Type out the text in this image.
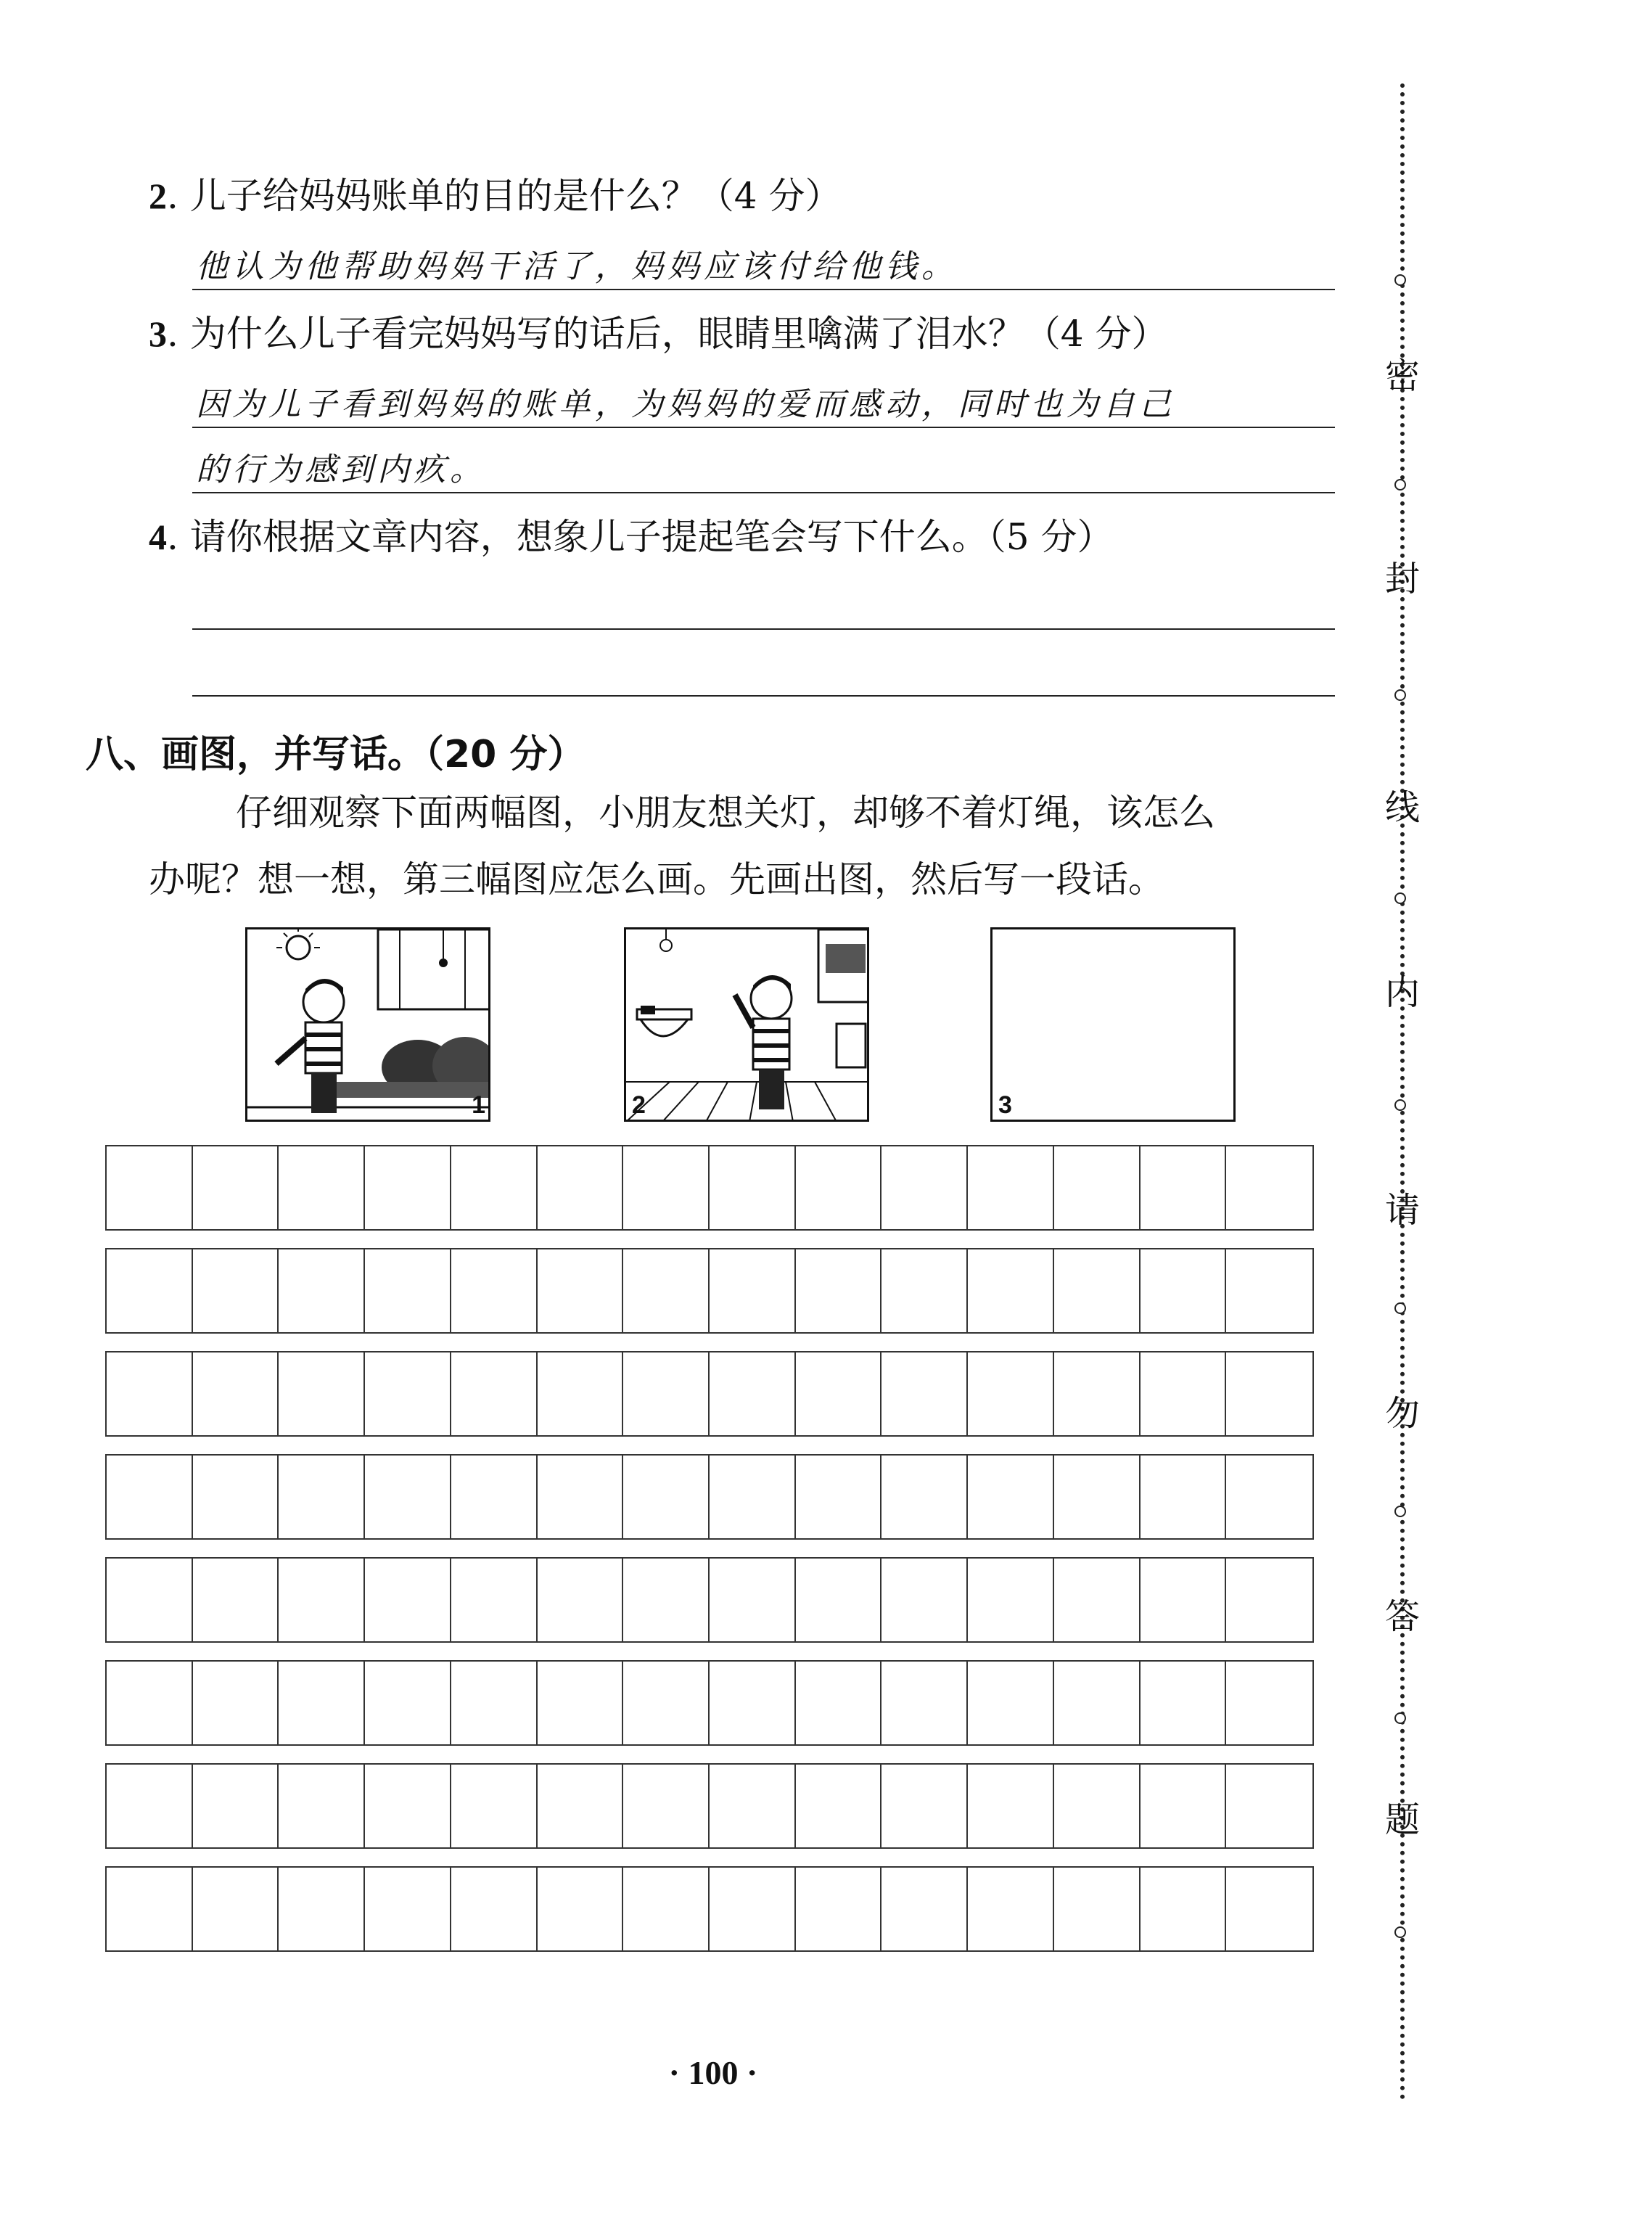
2. 儿子给妈妈账单的目的是什么？（4 分）
他认为他帮助妈妈干活了，妈妈应该付给他钱。
3. 为什么儿子看完妈妈写的话后，眼睛里噙满了泪水？（4 分）
因为儿子看到妈妈的账单，为妈妈的爱而感动，同时也为自己
的行为感到内疚。
4. 请你根据文章内容，想象儿子提起笔会写下什么。（5 分）
八、画图，并写话。（20 分）
仔细观察下面两幅图，小朋友想关灯，却够不着灯绳，该怎么
办呢？想一想，第三幅图应怎么画。先画出图，然后写一段话。
1	2	3
密
封
线
内
请
勿
答
题
· 100 ·
